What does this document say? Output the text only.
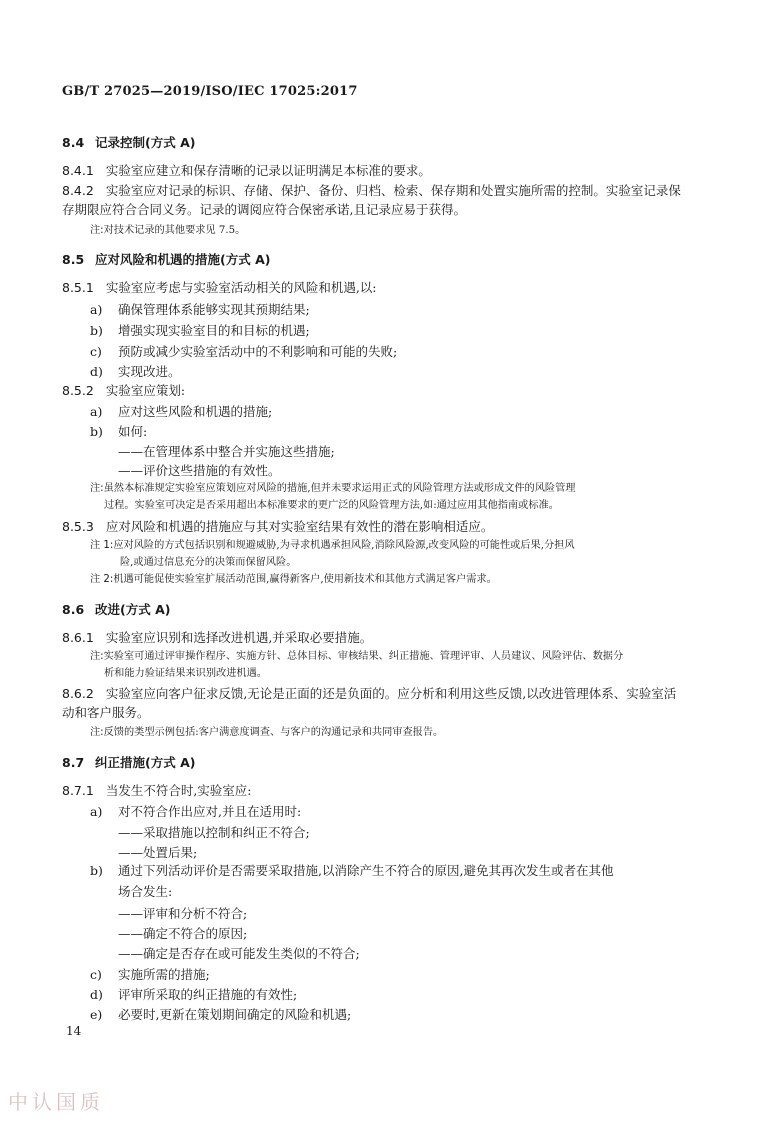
GB/T 27025—2019/ISO/IEC 17025:2017
8.4 记录控制(方式 A)
8.4.1 实验室应建立和保存清晰的记录以证明满足本标准的要求。
8.4.2 实验室应对记录的标识、存储、保护、备份、归档、检索、保存期和处置实施所需的控制。实验室记录保存期限应符合合同义务。记录的调阅应符合保密承诺,且记录应易于获得。
注:对技术记录的其他要求见 7.5。
8.5 应对风险和机遇的措施(方式 A)
8.5.1 实验室应考虑与实验室活动相关的风险和机遇,以:
a) 确保管理体系能够实现其预期结果;
b) 增强实现实验室目的和目标的机遇;
c) 预防或减少实验室活动中的不利影响和可能的失败;
d) 实现改进。
8.5.2 实验室应策划:
a) 应对这些风险和机遇的措施;
b) 如何:
——在管理体系中整合并实施这些措施;
——评价这些措施的有效性。
注:虽然本标准规定实验室应策划应对风险的措施,但并未要求运用正式的风险管理方法或形成文件的风险管理
过程。实验室可决定是否采用超出本标准要求的更广泛的风险管理方法,如:通过应用其他指南或标准。
8.5.3 应对风险和机遇的措施应与其对实验室结果有效性的潜在影响相适应。
注 1:应对风险的方式包括识别和规避威胁,为寻求机遇承担风险,消除风险源,改变风险的可能性或后果,分担风
险,或通过信息充分的决策而保留风险。
注 2:机遇可能促使实验室扩展活动范围,赢得新客户,使用新技术和其他方式满足客户需求。
8.6 改进(方式 A)
8.6.1 实验室应识别和选择改进机遇,并采取必要措施。
注:实验室可通过评审操作程序、实施方针、总体目标、审核结果、纠正措施、管理评审、人员建议、风险评估、数据分
析和能力验证结果来识别改进机遇。
8.6.2 实验室应向客户征求反馈,无论是正面的还是负面的。应分析和利用这些反馈,以改进管理体系、实验室活动和客户服务。
注:反馈的类型示例包括:客户满意度调查、与客户的沟通记录和共同审查报告。
8.7 纠正措施(方式 A)
8.7.1 当发生不符合时,实验室应:
a) 对不符合作出应对,并且在适用时:
——采取措施以控制和纠正不符合;
——处置后果;
b) 通过下列活动评价是否需要采取措施,以消除产生不符合的原因,避免其再次发生或者在其他
场合发生:
——评审和分析不符合;
——确定不符合的原因;
——确定是否存在或可能发生类似的不符合;
c) 实施所需的措施;
d) 评审所采取的纠正措施的有效性;
e) 必要时,更新在策划期间确定的风险和机遇;
14
中认国质
